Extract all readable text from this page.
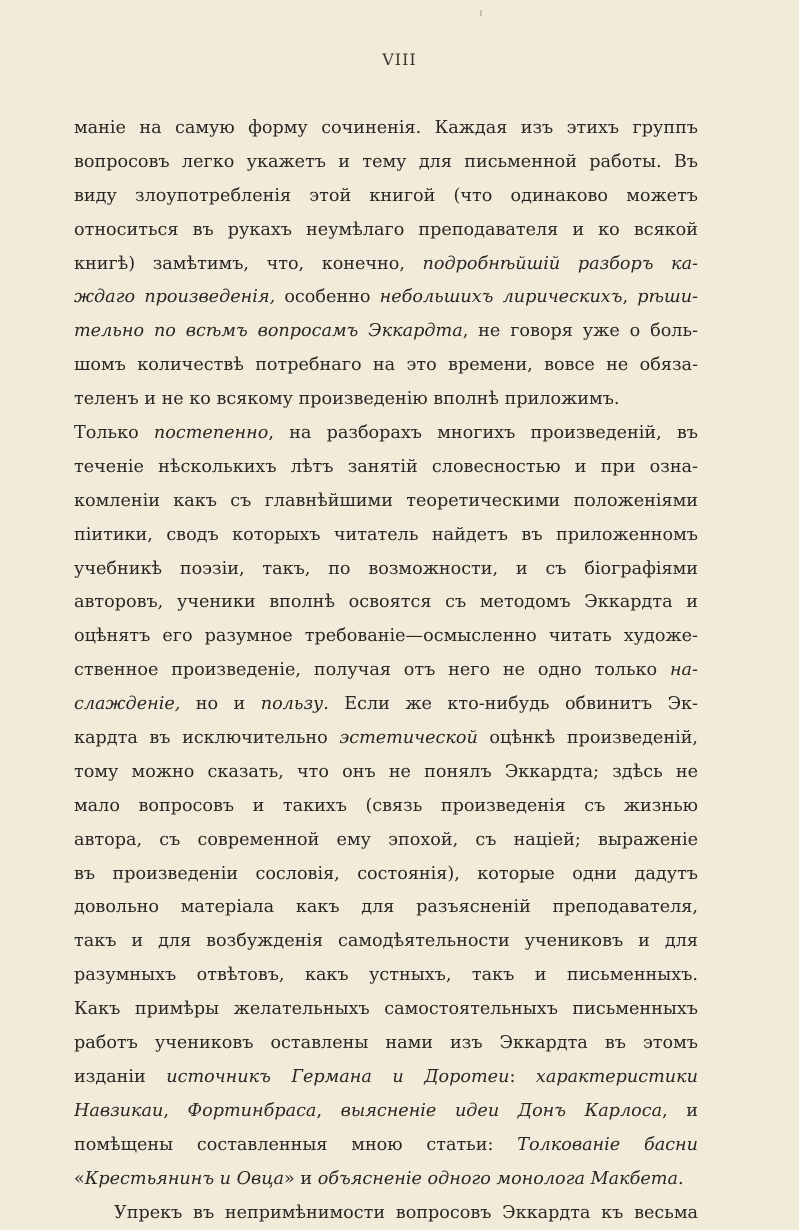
VIII
маніе на самую форму сочиненія. Каждая изъ этихъ группъ
вопросовъ легко укажетъ и тему для письменной работы. Въ
виду злоупотребленія этой книгой (что одинаково можетъ
относиться въ рукахъ неумѣлаго преподавателя и ко всякой
книгѣ) замѣтимъ, что, конечно, подробнѣйшій разборъ ка-
ждаго произведенія, особенно небольшихъ лирическихъ, рѣши-
тельно по всѣмъ вопросамъ Эккардта, не говоря уже о боль-
шомъ количествѣ потребнаго на это времени, вовсе не обяза-
теленъ и не ко всякому произведенію вполнѣ приложимъ.
Только постепенно, на разборахъ многихъ произведеній, въ
теченіе нѣсколькихъ лѣтъ занятій словесностью и при озна-
комленіи какъ съ главнѣйшими теоретическими положеніями
піитики, сводъ которыхъ читатель найдетъ въ приложенномъ
учебникѣ поэзіи, такъ, по возможности, и съ біографіями
авторовъ, ученики вполнѣ освоятся съ методомъ Эккардта и
оцѣнятъ его разумное требованіе—осмысленно читать художе-
ственное произведеніе, получая отъ него не одно только на-
слажденіе, но и пользу. Если же кто-нибудь обвинитъ Эк-
кардта въ исключительно эстетической оцѣнкѣ произведеній,
тому можно сказать, что онъ не понялъ Эккардта; здѣсь не
мало вопросовъ и такихъ (связь произведенія съ жизнью
автора, съ современной ему эпохой, съ націей; выраженіе
въ произведеніи сословія, состоянія), которые одни дадутъ
довольно матеріала какъ для разъясненій преподавателя,
такъ и для возбужденія самодѣятельности учениковъ и для
разумныхъ отвѣтовъ, какъ устныхъ, такъ и письменныхъ.
Какъ примѣры желательныхъ самостоятельныхъ письменныхъ
работъ учениковъ оставлены нами изъ Эккардта въ этомъ
изданіи источникъ Германа и Доротеи: характеристики
Навзикаи, Фортинбраса, выясненіе идеи Донъ Карлоса, и
помѣщены составленныя мною статьи: Толкованіе басни
«Крестьянинъ и Овца» и объясненіе одного монолога Макбета.
Упрекъ въ непримѣнимости вопросовъ Эккардта къ весьма
